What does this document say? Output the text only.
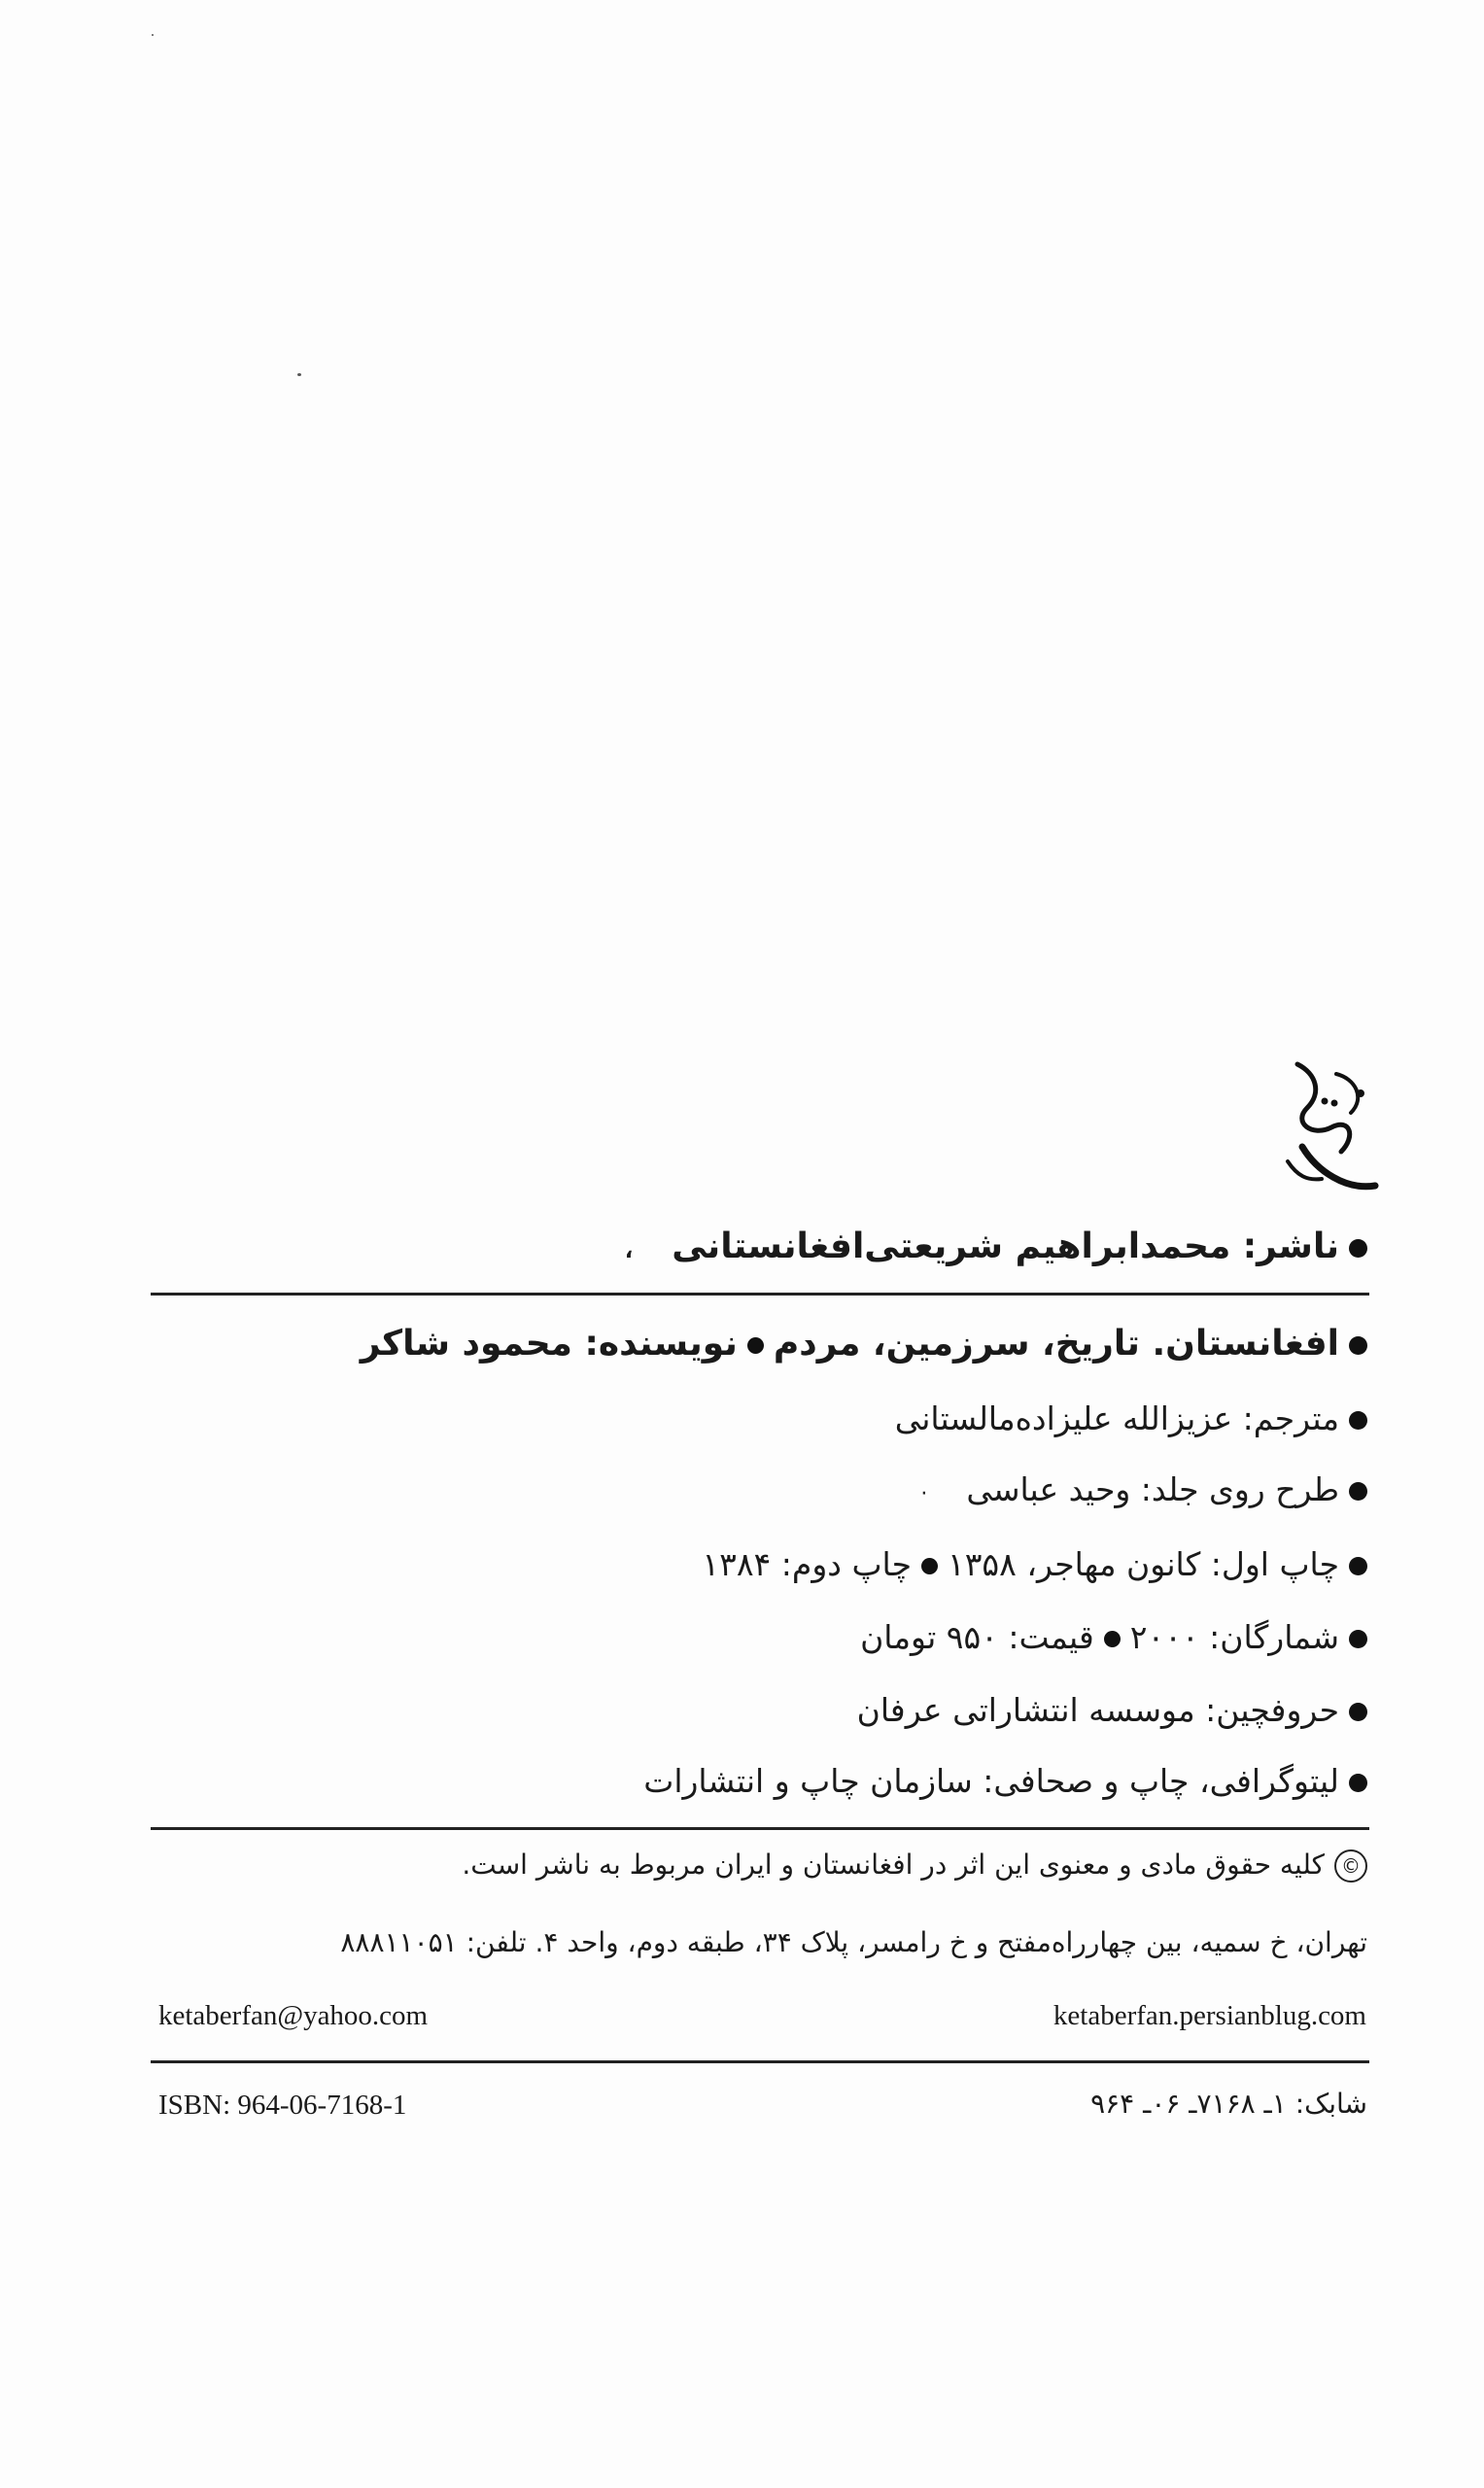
ناشر: محمدابراهیم شریعتی‌افغانستانی،
افغانستان. تاریخ، سرزمین، مردمنویسنده: محمود شاکر
مترجم: عزیزالله علیزاده‌مالستانی
طرح روی جلد: وحید عباسی·
چاپ اول: کانون مهاجر، ۱۳۵۸چاپ دوم: ۱۳۸۴
شمارگان: ۲۰۰۰قیمت: ۹۵۰ تومان
حروفچین: موسسه انتشاراتی عرفان
لیتوگرافی، چاپ و صحافی: سازمان چاپ و انتشارات
©کلیه حقوق مادی و معنوی این اثر در افغانستان و ایران مربوط به ناشر است.
تهران، خ سمیه، بین چهارراه‌مفتح و خ رامسر، پلاک ۳۴، طبقه دوم، واحد ۴. تلفن: ۸۸۸۱۱۰۵۱
ketaberfan@yahoo.com	ketaberfan.persianblug.com
ISBN: 964-06-7168-1	شابک: ۱ـ ۷۱۶۸ـ ۰۶ـ ۹۶۴
